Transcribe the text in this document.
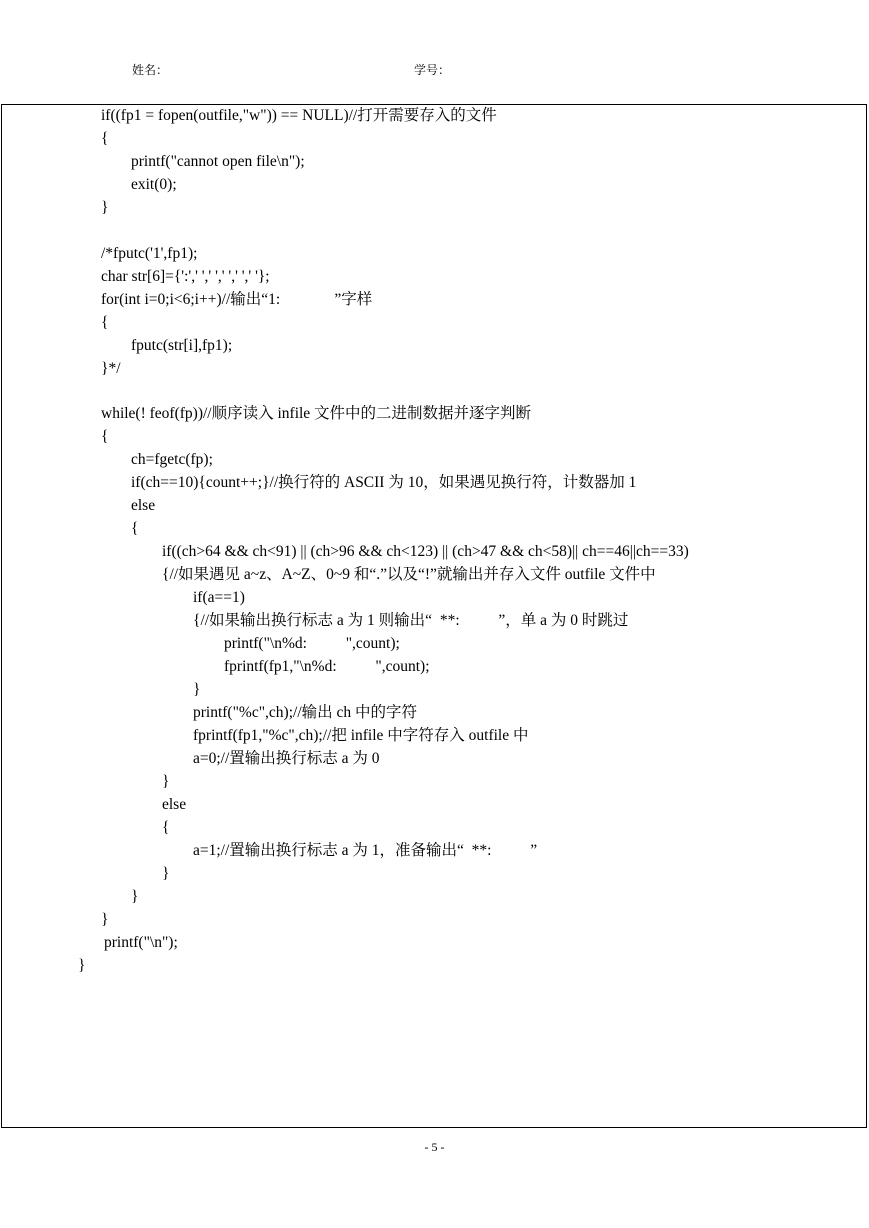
姓名：	学号：
if((fp1 = fopen(outfile,"w")) == NULL)//打开需要存入的文件
{
printf("cannot open file\n");
exit(0);
}
/*fputc('1',fp1);
char str[6]={':',' ',' ',' ',' ',' '};
for(int i=0;i<6;i++)//输出“1:              ”字样
{
fputc(str[i],fp1);
}*/
while(! feof(fp))//顺序读入 infile 文件中的二进制数据并逐字判断
{
ch=fgetc(fp);
if(ch==10){count++;}//换行符的 ASCII 为 10，如果遇见换行符，计数器加 1
else
{
if((ch>64 && ch<91) || (ch>96 && ch<123) || (ch>47 && ch<58)|| ch==46||ch==33)
{//如果遇见 a~z、A~Z、0~9 和“.”以及“!”就输出并存入文件 outfile 文件中
if(a==1)
{//如果输出换行标志 a 为 1 则输出“  **:          ”，单 a 为 0 时跳过
printf("\n%d:          ",count);
fprintf(fp1,"\n%d:          ",count);
}
printf("%c",ch);//输出 ch 中的字符
fprintf(fp1,"%c",ch);//把 infile 中字符存入 outfile 中
a=0;//置输出换行标志 a 为 0
}
else
{
a=1;//置输出换行标志 a 为 1，准备输出“  **:          ”
}
}
}
printf("\n");
}
- 5 -
